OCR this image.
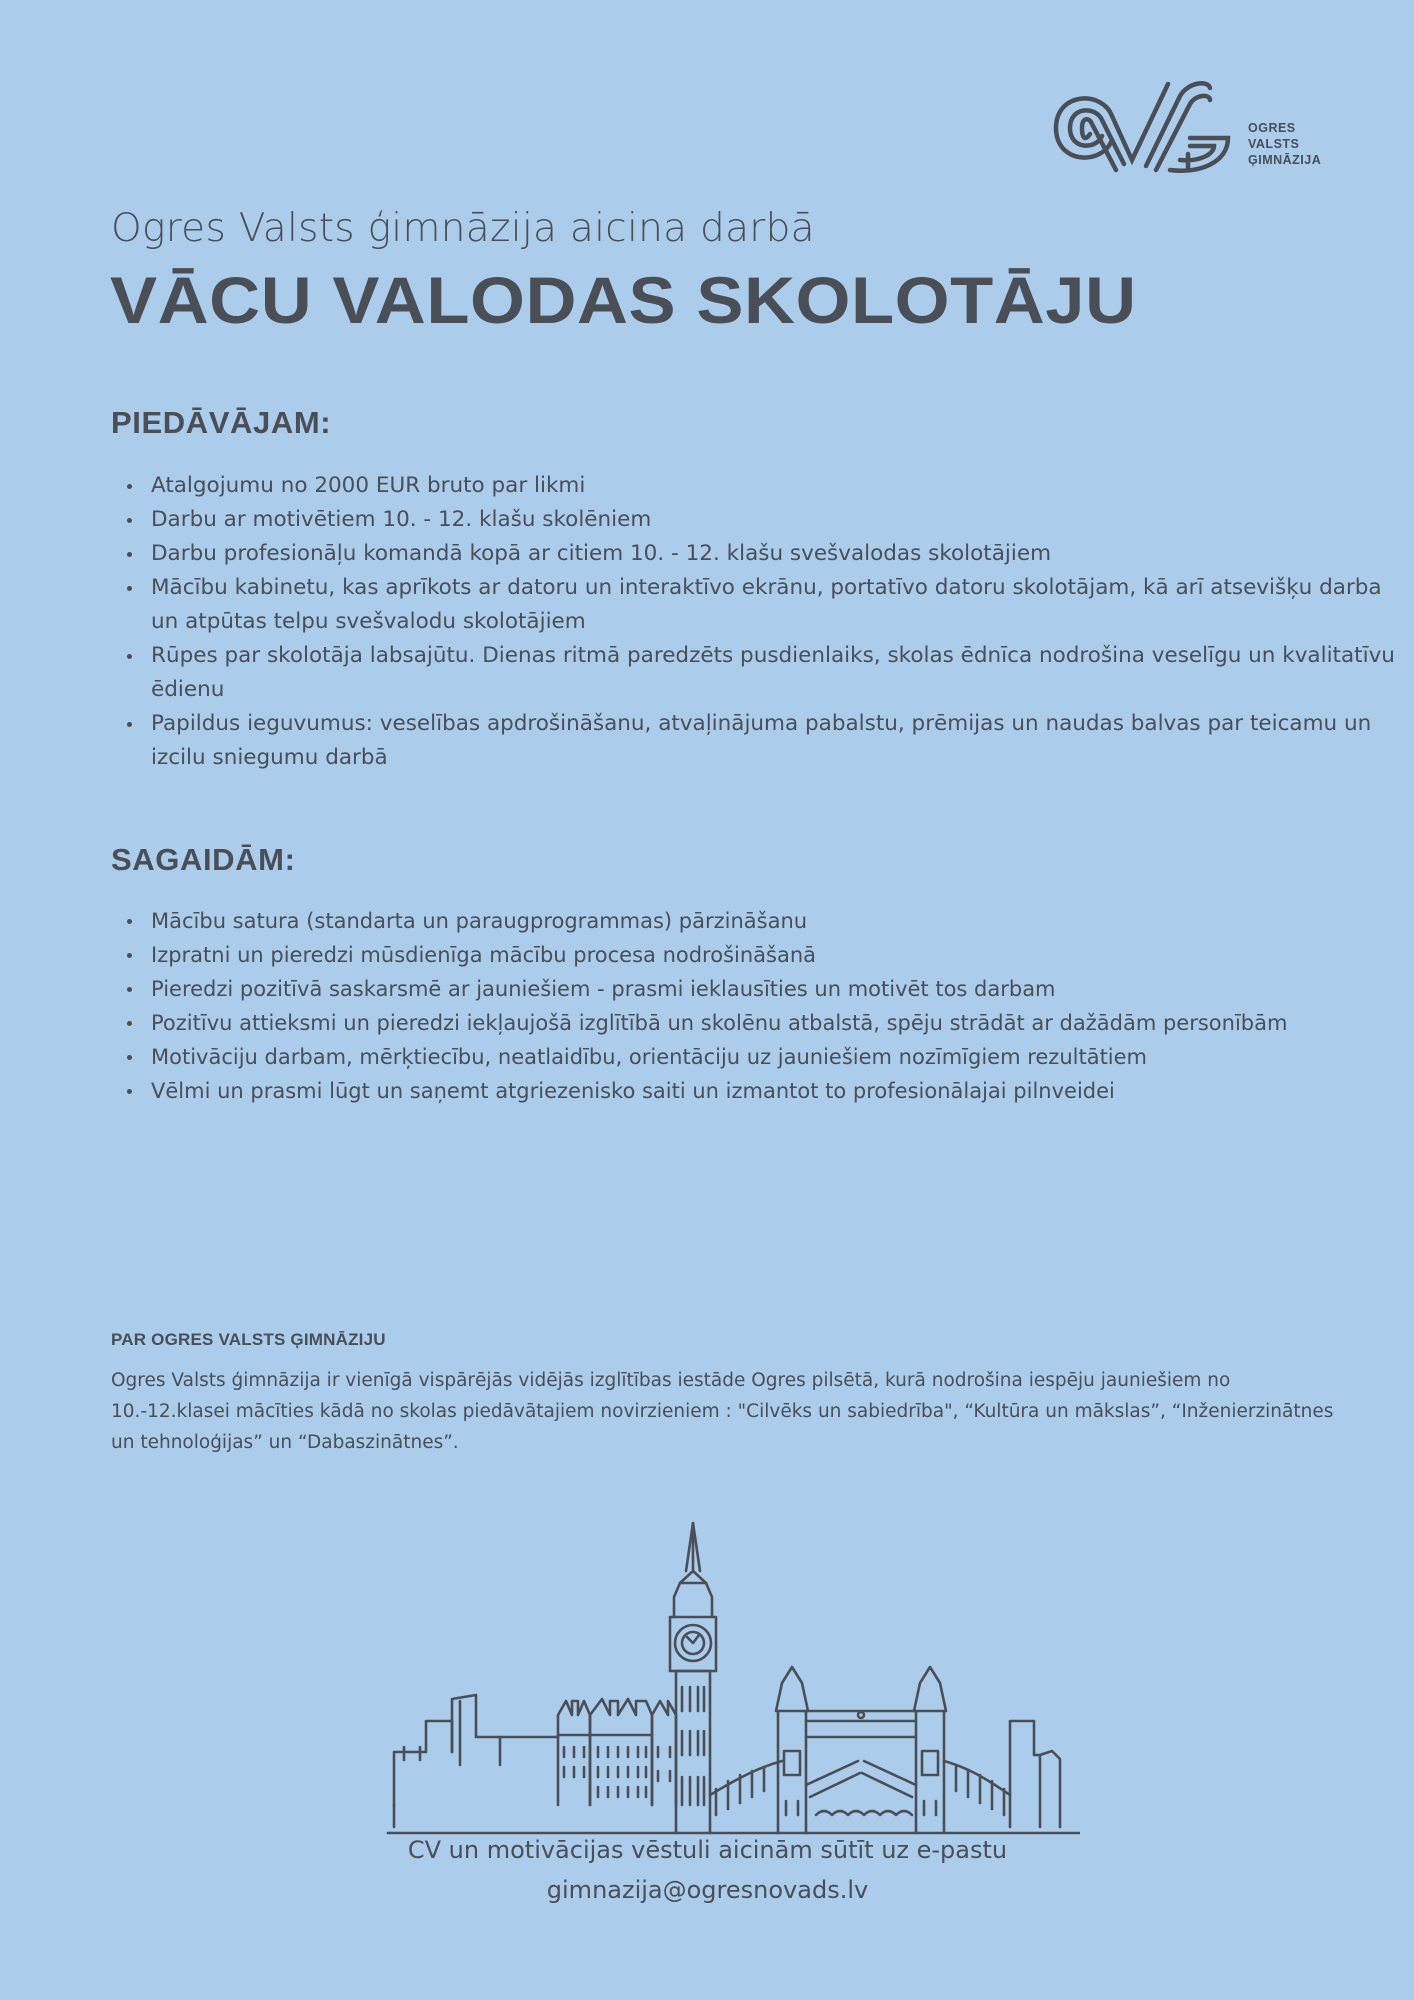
OGRES
VALSTS
ĢIMNĀZIJA

Ogres Valsts ģimnāzija aicina darbā

VĀCU VALODAS SKOLOTĀJU
PIEDĀVĀJAM:
Atalgojumu no 2000 EUR bruto par likmi
Darbu ar motivētiem 10. - 12. klašu skolēniem
Darbu profesionāļu komandā kopā ar citiem 10. - 12. klašu svešvalodas skolotājiem
Mācību kabinetu, kas aprīkots ar datoru un interaktīvo ekrānu, portatīvo datoru skolotājam, kā arī atsevišķu darba un atpūtas telpu svešvalodu skolotājiem
Rūpes par skolotāja labsajūtu. Dienas ritmā paredzēts pusdienlaiks, skolas ēdnīca nodrošina veselīgu un kvalitatīvu ēdienu
Papildus ieguvumus: veselības apdrošināšanu, atvaļinājuma pabalstu, prēmijas un naudas balvas par teicamu un izcilu sniegumu darbā
SAGAIDĀM:
Mācību satura (standarta un paraugprogrammas) pārzināšanu
Izpratni un pieredzi mūsdienīga mācību procesa nodrošināšanā
Pieredzi pozitīvā saskarsmē ar jauniešiem - prasmi ieklausīties un motivēt tos darbam
Pozitīvu attieksmi un pieredzi iekļaujošā izglītībā un skolēnu atbalstā, spēju strādāt ar dažādām personībām
Motivāciju darbam, mērķtiecību, neatlaidību, orientāciju uz jauniešiem nozīmīgiem rezultātiem
Vēlmi un prasmi lūgt un saņemt atgriezenisko saiti un izmantot to profesionālajai pilnveidei
PAR OGRES VALSTS ĢIMNĀZIJU

Ogres Valsts ģimnāzija ir vienīgā vispārējās vidējās izglītības iestāde Ogres pilsētā, kurā nodrošina iespēju jauniešiem no 10.-12.klasei mācīties kādā no skolas piedāvātajiem novirzieniem : "Cilvēks un sabiedrība", “Kultūra un mākslas”, “Inženierzinātnes un tehnoloģijas” un “Dabaszinātnes”.

CV un motivācijas vēstuli aicinām sūtīt uz e-pastu
gimnazija@ogresnovads.lv
